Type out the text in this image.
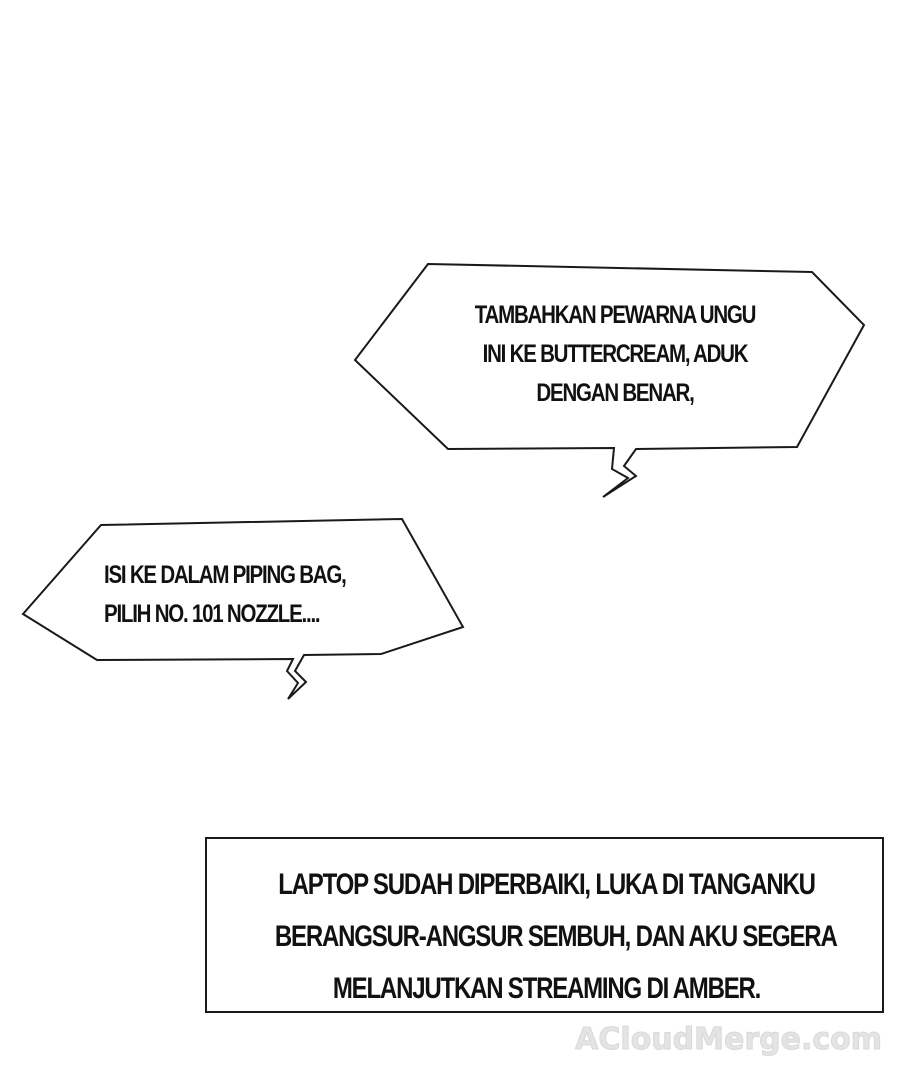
TAMBAHKAN PEWARNA UNGU
INI KE BUTTERCREAM, ADUK
DENGAN BENAR,
ISI KE DALAM PIPING BAG,
PILIH NO. 101 NOZZLE....
LAPTOP SUDAH DIPERBAIKI, LUKA DI TANGANKU
BERANGSUR-ANGSUR SEMBUH, DAN AKU SEGERA
MELANJUTKAN STREAMING DI AMBER.
ACloudMerge.com
